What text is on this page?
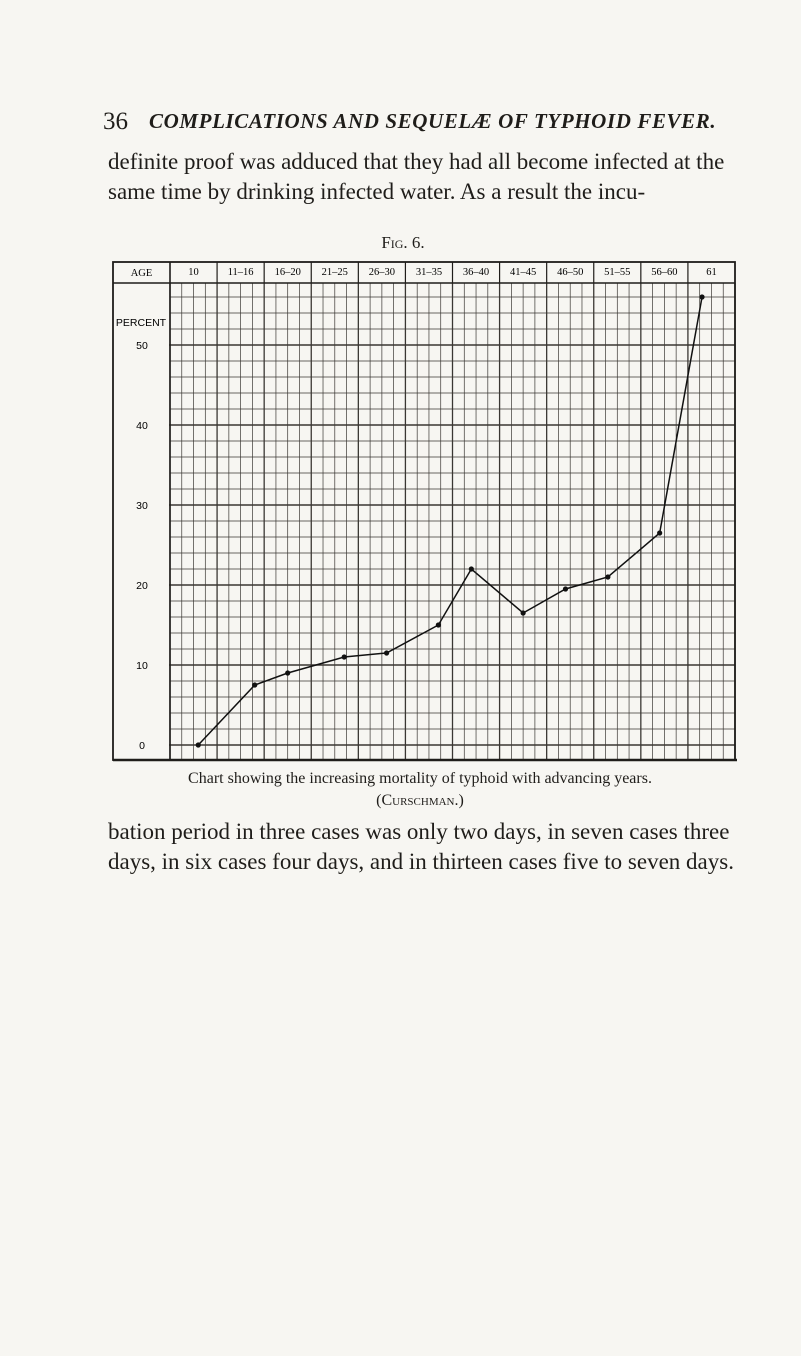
36 COMPLICATIONS AND SEQUELÆ OF TYPHOID FEVER.
definite proof was adduced that they had all become infected at the same time by drinking infected water. As a result the incu-
Fig. 6.
AGE	10	11–16 16–20 21–25 26–30 31–35 36–40 41–45 46–50 51–55 56–60	61
PERCENT
0
10
20
30
40
50
Chart showing the increasing mortality of typhoid with advancing years.
(Curschman.)
bation period in three cases was only two days, in seven cases three days, in six cases four days, and in thirteen cases five to seven days.
